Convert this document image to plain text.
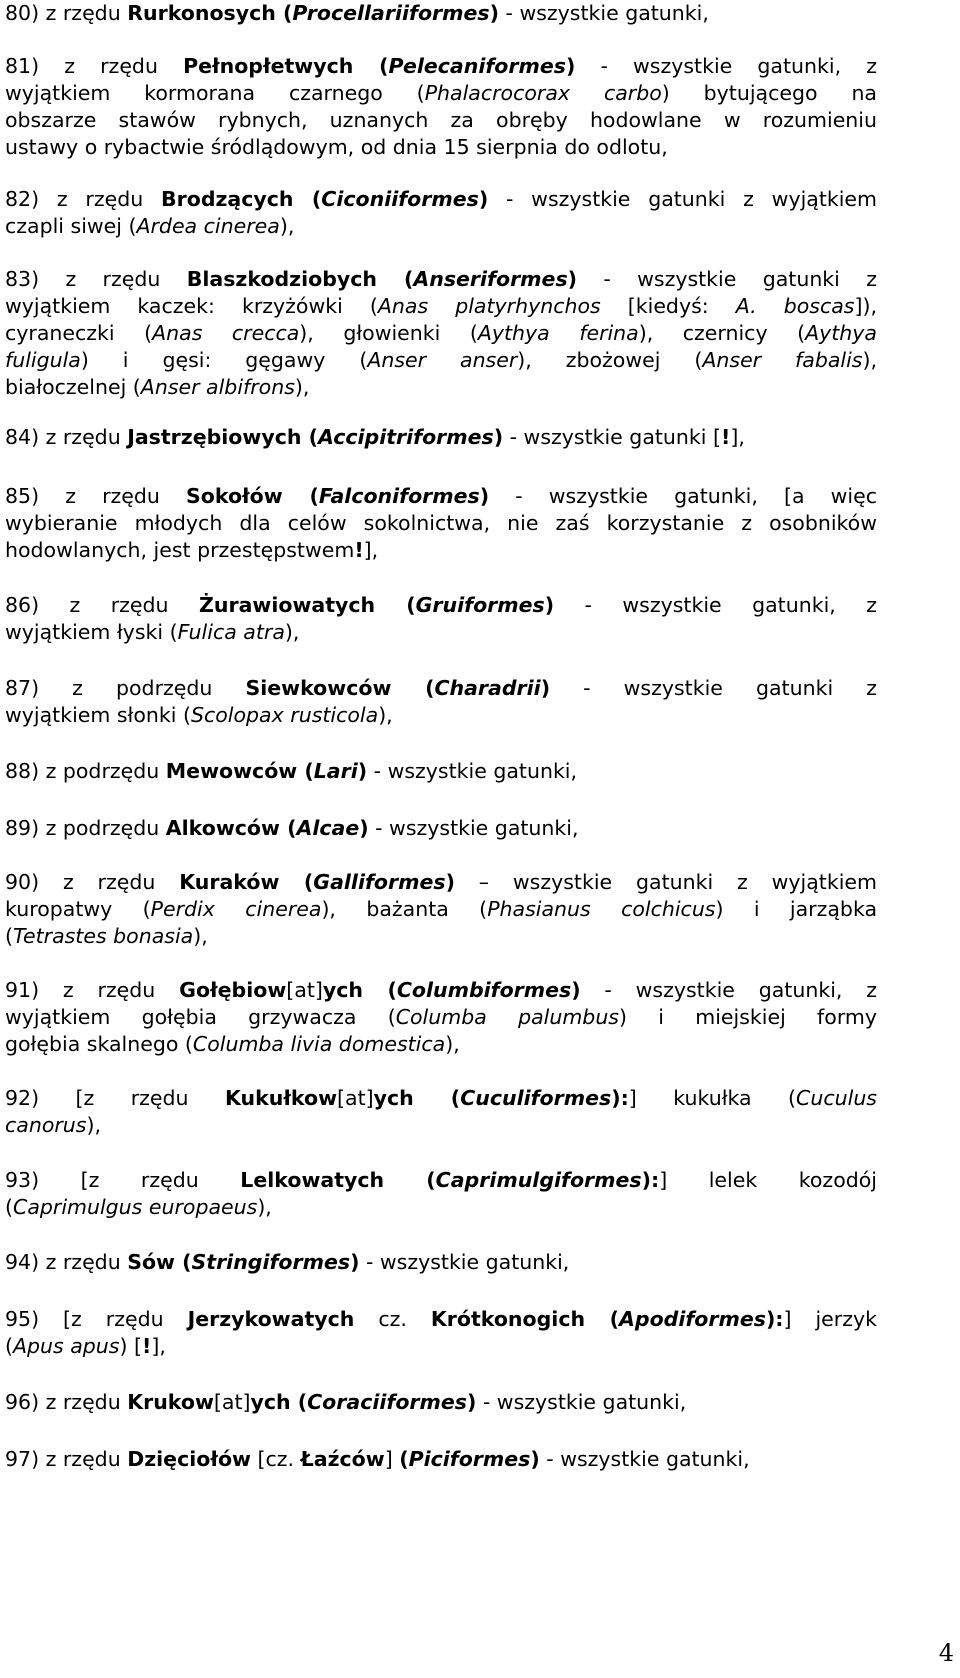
80) z rzędu Rurkonosych (Procellariiformes) - wszystkie gatunki,
81) z rzędu Pełnopłetwych (Pelecaniformes) - wszystkie gatunki, z
wyjątkiem kormorana czarnego (Phalacrocorax carbo) bytującego na
obszarze stawów rybnych, uznanych za obręby hodowlane w rozumieniu
ustawy o rybactwie śródlądowym, od dnia 15 sierpnia do odlotu,
82) z rzędu Brodzących (Ciconiiformes) - wszystkie gatunki z wyjątkiem
czapli siwej (Ardea cinerea),
83) z rzędu Blaszkodziobych (Anseriformes) - wszystkie gatunki z
wyjątkiem kaczek: krzyżówki (Anas platyrhynchos [kiedyś: A. boscas]),
cyraneczki (Anas crecca), głowienki (Aythya ferina), czernicy (Aythya
fuligula) i gęsi: gęgawy (Anser anser), zbożowej (Anser fabalis),
białoczelnej (Anser albifrons),
84) z rzędu Jastrzębiowych (Accipitriformes) - wszystkie gatunki [!],
85) z rzędu Sokołów (Falconiformes) - wszystkie gatunki, [a więc
wybieranie młodych dla celów sokolnictwa, nie zaś korzystanie z osobników
hodowlanych, jest przestępstwem!],
86) z rzędu Żurawiowatych (Gruiformes) - wszystkie gatunki, z
wyjątkiem łyski (Fulica atra),
87) z podrzędu Siewkowców (Charadrii) - wszystkie gatunki z
wyjątkiem słonki (Scolopax rusticola),
88) z podrzędu Mewowców (Lari) - wszystkie gatunki,
89) z podrzędu Alkowców (Alcae) - wszystkie gatunki,
90) z rzędu Kuraków (Galliformes) – wszystkie gatunki z wyjątkiem
kuropatwy (Perdix cinerea), bażanta (Phasianus colchicus) i jarząbka
(Tetrastes bonasia),
91) z rzędu Gołębiow[at]ych (Columbiformes) - wszystkie gatunki, z
wyjątkiem gołębia grzywacza (Columba palumbus) i miejskiej formy
gołębia skalnego (Columba livia domestica),
92) [z rzędu Kukułkow[at]ych (Cuculiformes):] kukułka (Cuculus
canorus),
93) [z rzędu Lelkowatych (Caprimulgiformes):] lelek kozodój
(Caprimulgus europaeus),
94) z rzędu Sów (Stringiformes) - wszystkie gatunki,
95) [z rzędu Jerzykowatych cz. Krótkonogich (Apodiformes):] jerzyk
(Apus apus) [!],
96) z rzędu Krukow[at]ych (Coraciiformes) - wszystkie gatunki,
97) z rzędu Dzięciołów [cz. Łaźców] (Piciformes) - wszystkie gatunki,
4
